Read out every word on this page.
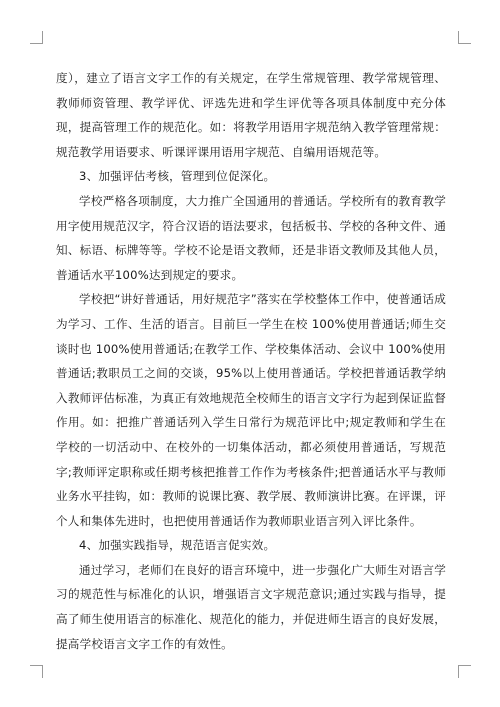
度），建立了语言文字工作的有关规定，在学生常规管理、教学常规管理、教师师资管理、教学评优、评选先进和学生评优等各项具体制度中充分体现，提高管理工作的规范化。如：将教学用语用字规范纳入教学管理常规：规范教学用语要求、听课评课用语用字规范、自编用语规范等。

3、加强评估考核，管理到位促深化。

学校严格各项制度，大力推广全国通用的普通话。学校所有的教育教学用字使用规范汉字，符合汉语的语法要求，包括板书、学校的各种文件、通知、标语、标牌等等。学校不论是语文教师，还是非语文教师及其他人员，普通话水平100%达到规定的要求。

学校把“讲好普通话，用好规范字”落实在学校整体工作中，使普通话成为学习、工作、生活的语言。目前巨一学生在校 100%使用普通话;师生交谈时也 100%使用普通话;在教学工作、学校集体活动、会议中 100%使用普通话;教职员工之间的交谈，95%以上使用普通话。学校把普通话教学纳入教师评估标准，为真正有效地规范全校师生的语言文字行为起到保证监督作用。如：把推广普通话列入学生日常行为规范评比中;规定教师和学生在学校的一切活动中、在校外的一切集体活动，都必须使用普通话，写规范字;教师评定职称或任期考核把推普工作作为考核条件;把普通话水平与教师业务水平挂钩，如：教师的说课比赛、教学展、教师演讲比赛。在评课，评个人和集体先进时，也把使用普通话作为教师职业语言列入评比条件。

4、加强实践指导，规范语言促实效。

通过学习，老师们在良好的语言环境中，进一步强化广大师生对语言学习的规范性与标准化的认识，增强语言文字规范意识;通过实践与指导，提高了师生使用语言的标准化、规范化的能力，并促进师生语言的良好发展，提高学校语言文字工作的有效性。
